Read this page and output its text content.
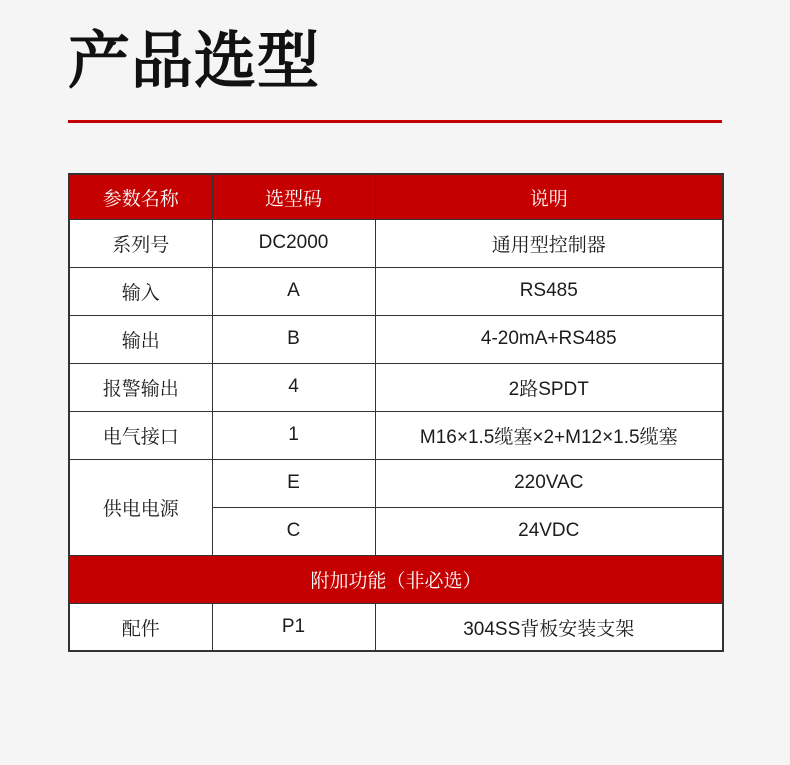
产品选型
参数名称	选型码	说明
系列号	DC2000	通用型控制器
输入	A	RS485
输出	B	4-20mA+RS485
报警输出	4	2路SPDT
电气接口	1	M16×1.5缆塞×2+M12×1.5缆塞
供电电源	E	220VAC
	C	24VDC
附加功能（非必选）		
配件	P1	304SS背板安装支架
